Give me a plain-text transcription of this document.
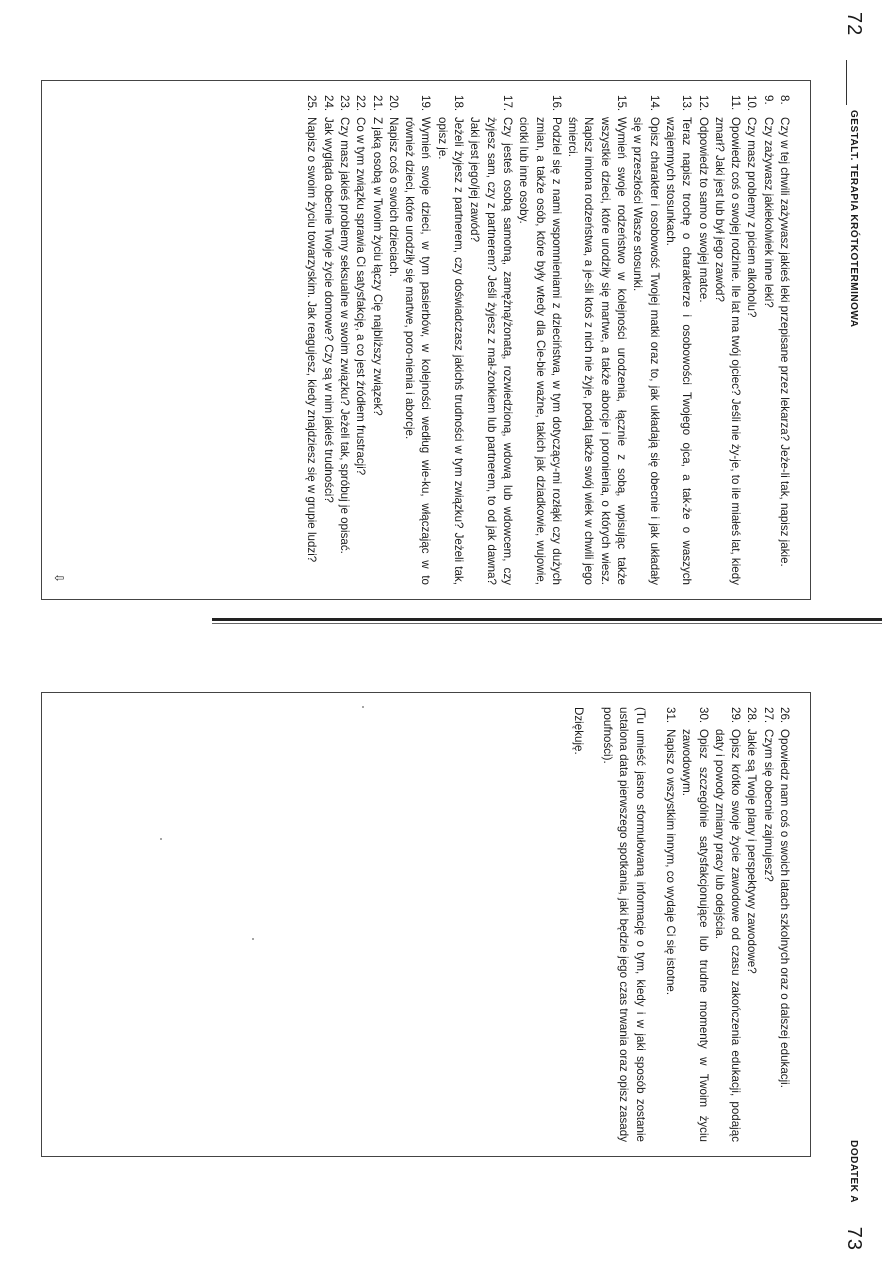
72
GESTALT. TERAPIA KRÓTKOTERMINOWA
8.
Czy w tej chwili zażywasz jakieś leki przepisane przez lekarza? Jeże-li tak, napisz jakie.
9.
Czy zażywasz jakiekolwiek inne leki?
10.
Czy masz problemy z piciem alkoholu?
11.
Opowiedz coś o swojej rodzinie. Ile lat ma twój ojciec? Jeśli nie ży-je, to ile miałeś lat, kiedy zmarł? Jaki jest lub był jego zawód?
12.
Odpowiedz to samo o swojej matce.
13.
Teraz napisz trochę o charakterze i osobowości Twojego ojca, a tak-że o waszych wzajemnych stosunkach.
14.
Opisz charakter i osobowość Twojej matki oraz to, jak układają się obecnie i jak układały się w przeszłości Wasze stosunki.
15.
Wymień swoje rodzeństwo w kolejności urodzenia, łącznie z sobą, wpisując także wszystkie dzieci, które urodziły się martwe, a także aborcje i poronienia, o których wiesz. Napisz imiona rodzeństwa, a je-śli ktoś z nich nie żyje, podaj także swój wiek w chwili jego śmierci.
16.
Podziel się z nami wspomnieniami z dzieciństwa, w tym dotyczący-mi rozłąki czy dużych zmian, a także osób, które były wtedy dla Cie-bie ważne, takich jak dziadkowie, wujowie, ciotki lub inne osoby.
17.
Czy jesteś osobą samotną, zamężną/żonatą, rozwiedzioną, wdową lub wdowcem, czy żyjesz sam, czy z partnerem? Jeśli żyjesz z mał-żonkiem lub partnerem, to od jak dawna? Jaki jest jego/jej zawód?
18.
Jeżeli żyjesz z partnerem, czy doświadczasz jakichś trudności w tym związku? Jeżeli tak, opisz je.
19.
Wymień swoje dzieci, w tym pasierbów, w kolejności według wie-ku, włączając w to również dzieci, które urodziły się martwe, poro-nienia i aborcje.
20.
Napisz coś o swoich dzieciach.
21.
Z jaką osobą w Twoim życiu łączy Cię najbliższy związek?
22.
Co w tym związku sprawia Ci satysfakcję, a co jest źródłem frustracji?
23.
Czy masz jakieś problemy seksualne w swoim związku? Jeżeli tak, spróbuj je opisać.
24.
Jak wygląda obecnie Twoje życie domowe? Czy są w nim jakieś trudności?
25.
Napisz o swoim życiu towarzyskim. Jak reagujesz, kiedy znajdziesz się w grupie ludzi?
⇩
73
DODATEK A
26.
Opowiedz nam coś o swoich latach szkolnych oraz o dalszej edukacji.
27.
Czym się obecnie zajmujesz?
28.
Jakie są Twoje plany i perspektywy zawodowe?
29.
Opisz krótko swoje życie zawodowe od czasu zakończenia edukacji, podając daty i powody zmiany pracy lub odejścia.
30.
Opisz szczególnie satysfakcjonujące lub trudne momenty w Twoim życiu zawodowym.
31.
Napisz o wszystkim innym, co wydaje Ci się istotne.

(Tu umieść jasno sformułowaną informację o tym, kiedy i w jaki sposób zostanie ustalona data pierwszego spotkania, jaki będzie jego czas trwania oraz opisz zasady poufności).

Dziękuję.
